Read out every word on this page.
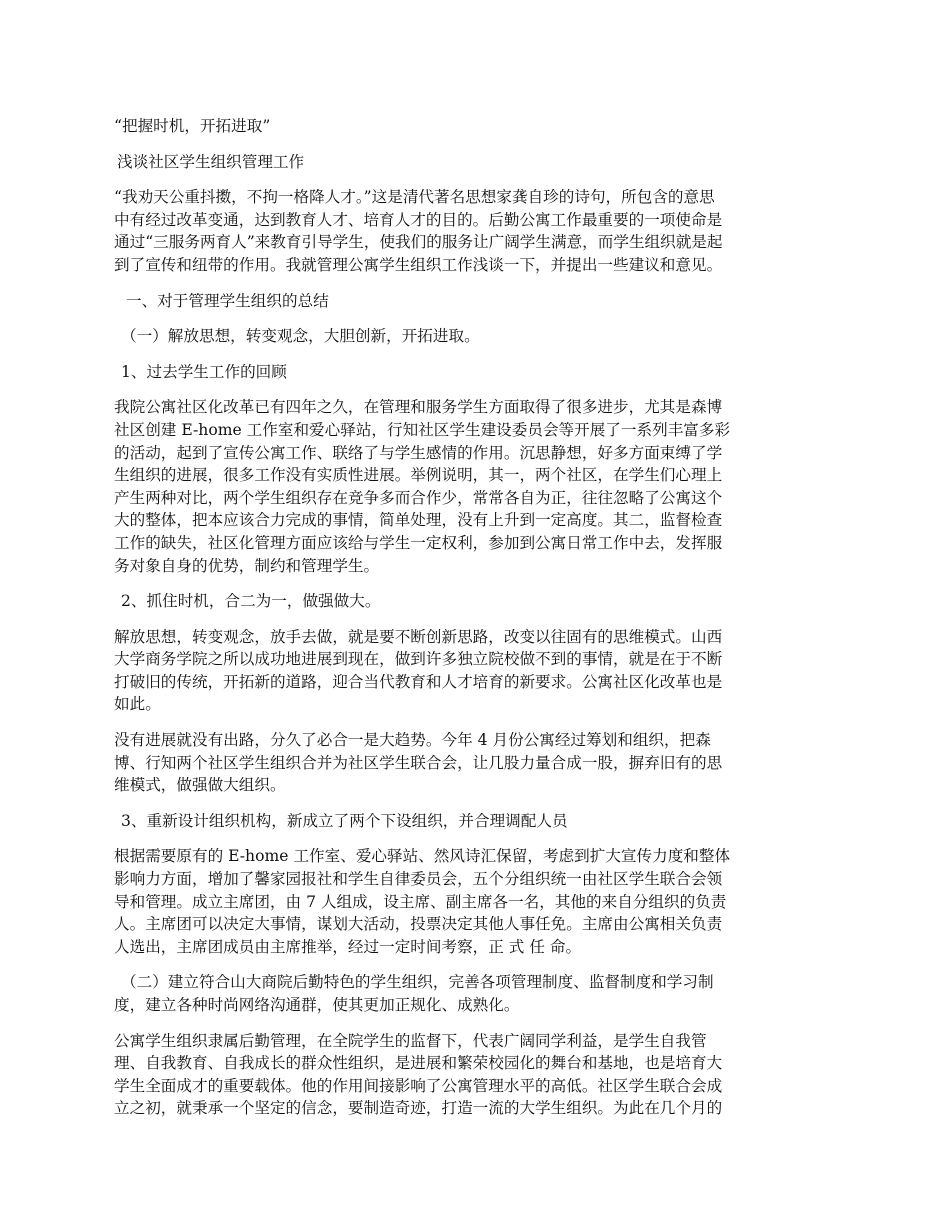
“把握时机，开拓进取”
浅谈社区学生组织管理工作
“我劝天公重抖擞，不拘一格降人才。”这是清代著名思想家龚自珍的诗句，所包含的意思
中有经过改革变通，达到教育人才、培育人才的目的。后勤公寓工作最重要的一项使命是
通过“三服务两育人”来教育引导学生，使我们的服务让广阔学生满意，而学生组织就是起
到了宣传和纽带的作用。我就管理公寓学生组织工作浅谈一下，并提出一些建议和意见。
一、对于管理学生组织的总结
（一）解放思想，转变观念，大胆创新，开拓进取。
1、过去学生工作的回顾
我院公寓社区化改革已有四年之久，在管理和服务学生方面取得了很多进步，尤其是森博
社区创建 E-home 工作室和爱心驿站，行知社区学生建设委员会等开展了一系列丰富多彩
的活动，起到了宣传公寓工作、联络了与学生感情的作用。沉思静想，好多方面束缚了学
生组织的进展，很多工作没有实质性进展。举例说明，其一，两个社区，在学生们心理上
产生两种对比，两个学生组织存在竞争多而合作少，常常各自为正，往往忽略了公寓这个
大的整体，把本应该合力完成的事情，简单处理，没有上升到一定高度。其二，监督检查
工作的缺失，社区化管理方面应该给与学生一定权利，参加到公寓日常工作中去，发挥服
务对象自身的优势，制约和管理学生。
2、抓住时机，合二为一，做强做大。
解放思想，转变观念，放手去做，就是要不断创新思路，改变以往固有的思维模式。山西
大学商务学院之所以成功地进展到现在，做到许多独立院校做不到的事情，就是在于不断
打破旧的传统，开拓新的道路，迎合当代教育和人才培育的新要求。公寓社区化改革也是
如此。
没有进展就没有出路，分久了必合一是大趋势。今年 4 月份公寓经过筹划和组织，把森
博、行知两个社区学生组织合并为社区学生联合会，让几股力量合成一股，摒弃旧有的思
维模式，做强做大组织。
3、重新设计组织机构，新成立了两个下设组织，并合理调配人员
根据需要原有的 E-home 工作室、爱心驿站、然风诗汇保留，考虑到扩大宣传力度和整体
影响力方面，增加了馨家园报社和学生自律委员会，五个分组织统一由社区学生联合会领
导和管理。成立主席团，由 7 人组成，设主席、副主席各一名，其他的来自分组织的负责
人。主席团可以决定大事情，谋划大活动，投票决定其他人事任免。主席由公寓相关负责
人选出，主席团成员由主席推举，经过一定时间考察，正 式 任 命。
（二）建立符合山大商院后勤特色的学生组织，完善各项管理制度、监督制度和学习制
度，建立各种时尚网络沟通群，使其更加正规化、成熟化。
公寓学生组织隶属后勤管理，在全院学生的监督下，代表广阔同学利益，是学生自我管
理、自我教育、自我成长的群众性组织，是进展和繁荣校园化的舞台和基地，也是培育大
学生全面成才的重要载体。他的作用间接影响了公寓管理水平的高低。社区学生联合会成
立之初，就秉承一个坚定的信念，要制造奇迹，打造一流的大学生组织。为此在几个月的
